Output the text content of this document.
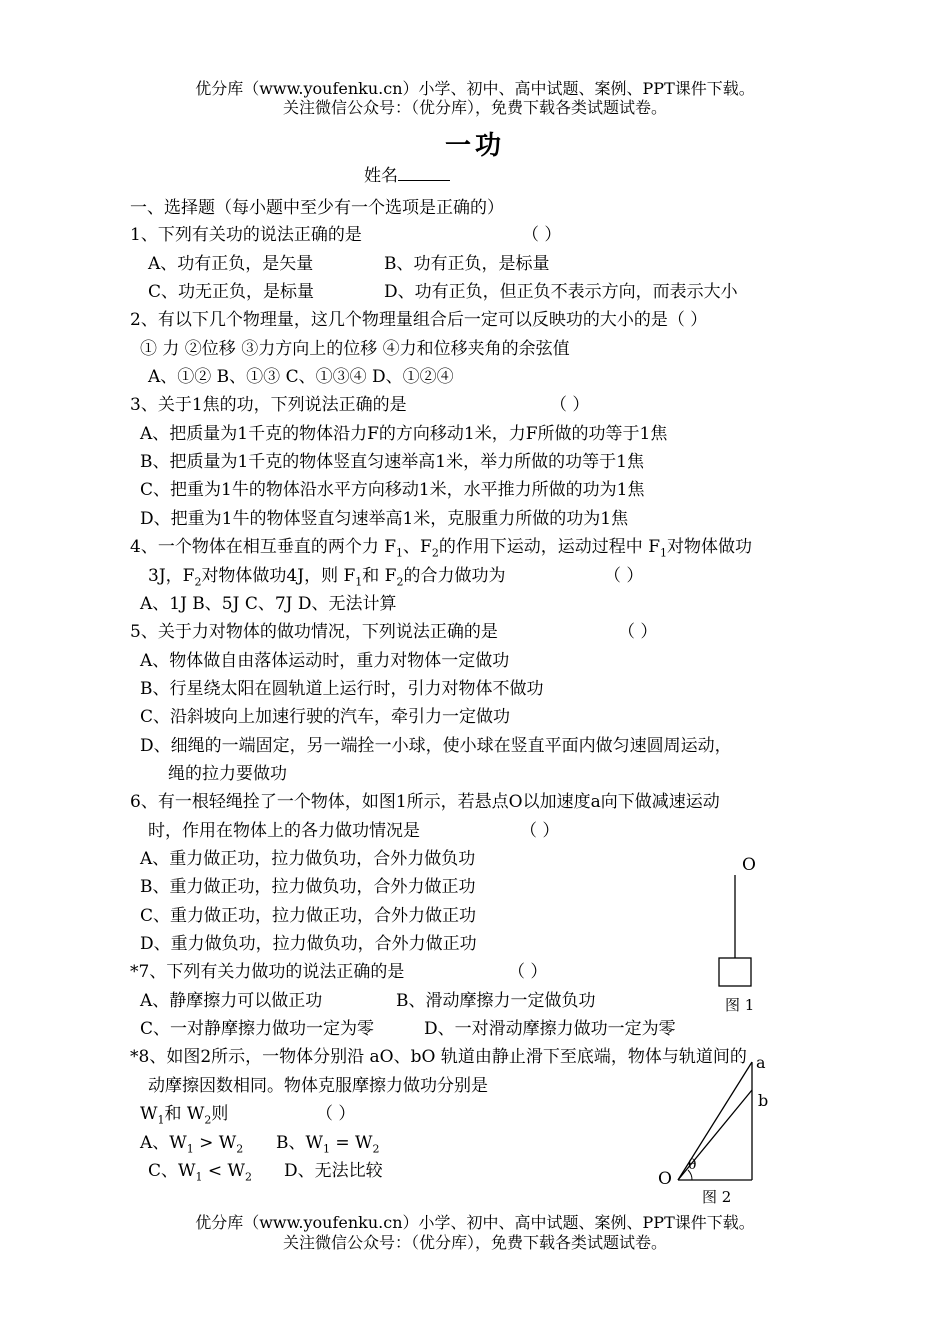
优分库（www.youfenku.cn）小学、初中、高中试题、案例、PPT课件下载。
关注微信公众号：（优分库），免费下载各类试题试卷。
一功
姓名
一、选择题（每小题中至少有一个选项是正确的）
1、下列有关功的说法正确的是	（ ）
A、功有正负，是矢量	B、功有正负，是标量
C、功无正负，是标量	D、功有正负，但正负不表示方向，而表示大小
2、有以下几个物理量，这几个物理量组合后一定可以反映功的大小的是（ ）
① 力 ②位移 ③力方向上的位移 ④力和位移夹角的余弦值
A、①② B、①③ C、①③④ D、①②④
3、关于1焦的功，下列说法正确的是	（ ）
A、把质量为1千克的物体沿力F的方向移动1米，力F所做的功等于1焦
B、把质量为1千克的物体竖直匀速举高1米，举力所做的功等于1焦
C、把重为1牛的物体沿水平方向移动1米，水平推力所做的功为1焦
D、把重为1牛的物体竖直匀速举高1米，克服重力所做的功为1焦
4、一个物体在相互垂直的两个力 $F_1$、$F_2$的作用下运动，运动过程中 $F_1$对物体做功
3J，$F_2$对物体做功4J，则 $F_1$和 $F_2$的合力做功为	（ ）
A、1J B、5J C、7J D、无法计算
5、关于力对物体的做功情况，下列说法正确的是	（ ）
A、物体做自由落体运动时，重力对物体一定做功
B、行星绕太阳在圆轨道上运行时，引力对物体不做功
C、沿斜坡向上加速行驶的汽车，牵引力一定做功
D、细绳的一端固定，另一端拴一小球，使小球在竖直平面内做匀速圆周运动，
绳的拉力要做功
6、有一根轻绳拴了一个物体，如图1所示，若悬点O以加速度a向下做减速运动
时，作用在物体上的各力做功情况是	（ ）
A、重力做正功，拉力做负功，合外力做负功
B、重力做正功，拉力做负功，合外力做正功
C、重力做正功，拉力做正功，合外力做正功
D、重力做负功，拉力做负功，合外力做正功
O
图 1
*7、下列有关力做功的说法正确的是	（ ）
A、静摩擦力可以做正功	B、滑动摩擦力一定做负功
C、一对静摩擦力做功一定为零	D、一对滑动摩擦力做功一定为零
*8、如图2所示，一物体分别沿 aO、bO 轨道由静止滑下至底端，物体与轨道间的
动摩擦因数相同。物体克服摩擦力做功分别是
$W_1$和 $W_2$则	（ ）
A、$W_1 > W_2$ B、$W_1 = W_2$
C、$W_1 < W_2$ D、无法比较
a
b
O
θ
图 2
优分库（www.youfenku.cn）小学、初中、高中试题、案例、PPT课件下载。
关注微信公众号：（优分库），免费下载各类试题试卷。
